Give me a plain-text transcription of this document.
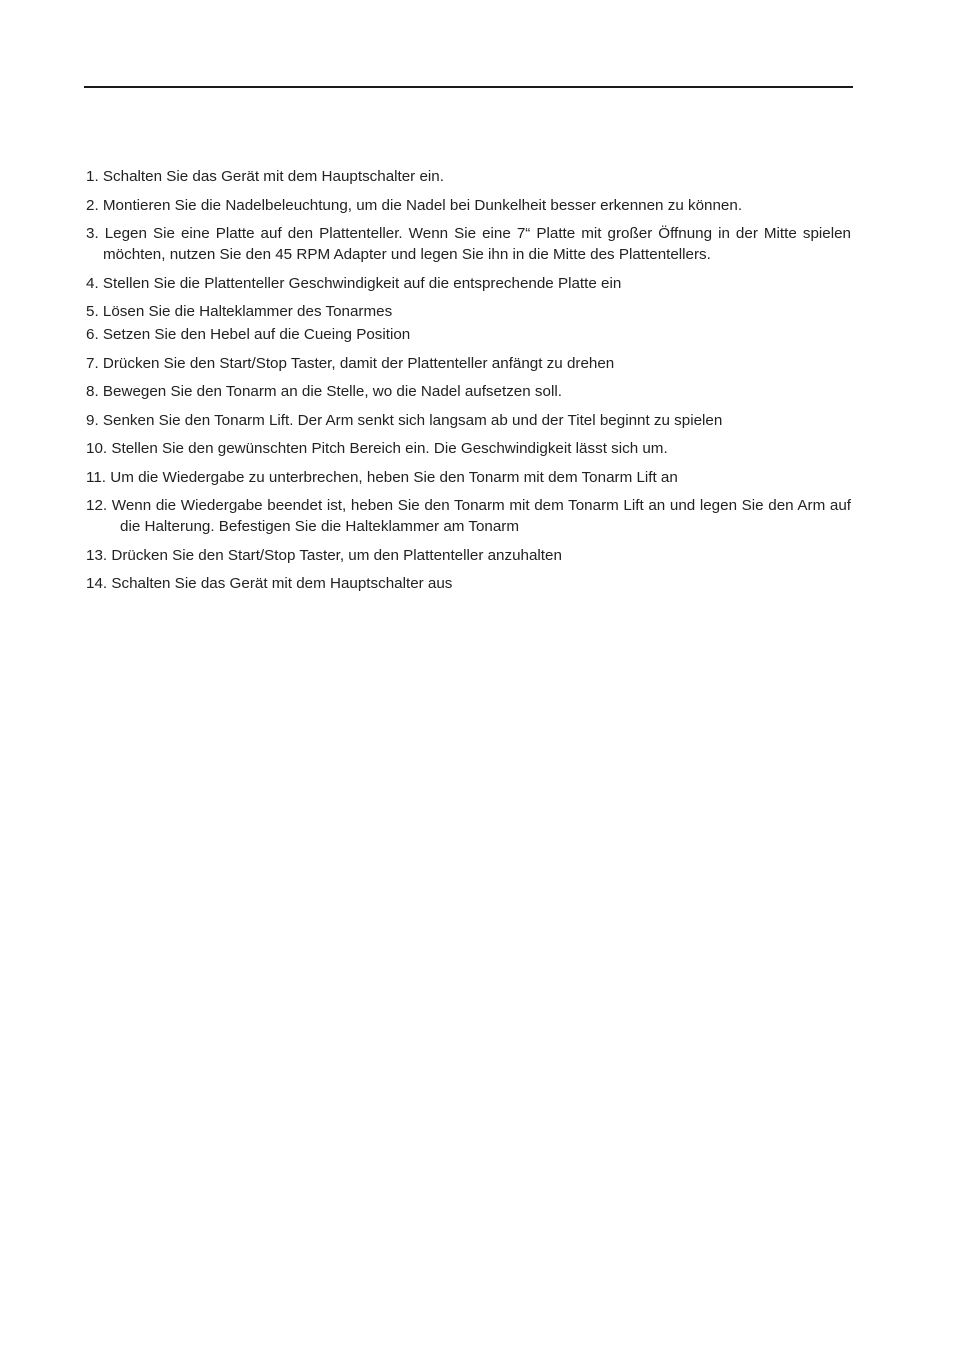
1. Schalten Sie das Gerät mit dem Hauptschalter ein.
2. Montieren Sie die Nadelbeleuchtung, um die Nadel bei Dunkelheit besser erkennen zu können.
3. Legen Sie eine Platte auf den Plattenteller. Wenn Sie eine 7“ Platte mit großer Öffnung in der Mitte spielen möchten, nutzen Sie den 45 RPM Adapter und legen Sie ihn in die Mitte des Plattentellers.
4. Stellen Sie die Plattenteller Geschwindigkeit auf die entsprechende Platte ein
5. Lösen Sie die Halteklammer des Tonarmes
6. Setzen Sie den Hebel auf die Cueing Position
7. Drücken Sie den Start/Stop Taster, damit der Plattenteller anfängt zu drehen
8. Bewegen Sie den Tonarm an die Stelle, wo die Nadel aufsetzen soll.
9. Senken Sie den Tonarm Lift. Der Arm senkt sich langsam ab und der Titel beginnt zu spielen
10. Stellen Sie den gewünschten Pitch Bereich ein. Die Geschwindigkeit lässt sich um.
11. Um die Wiedergabe zu unterbrechen, heben Sie den Tonarm mit dem Tonarm Lift an
12. Wenn die Wiedergabe beendet ist, heben Sie den Tonarm mit dem Tonarm Lift an und legen Sie den Arm auf die Halterung. Befestigen Sie die Halteklammer am Tonarm
13. Drücken Sie den Start/Stop Taster, um den Plattenteller anzuhalten
14. Schalten Sie das Gerät mit dem Hauptschalter aus
